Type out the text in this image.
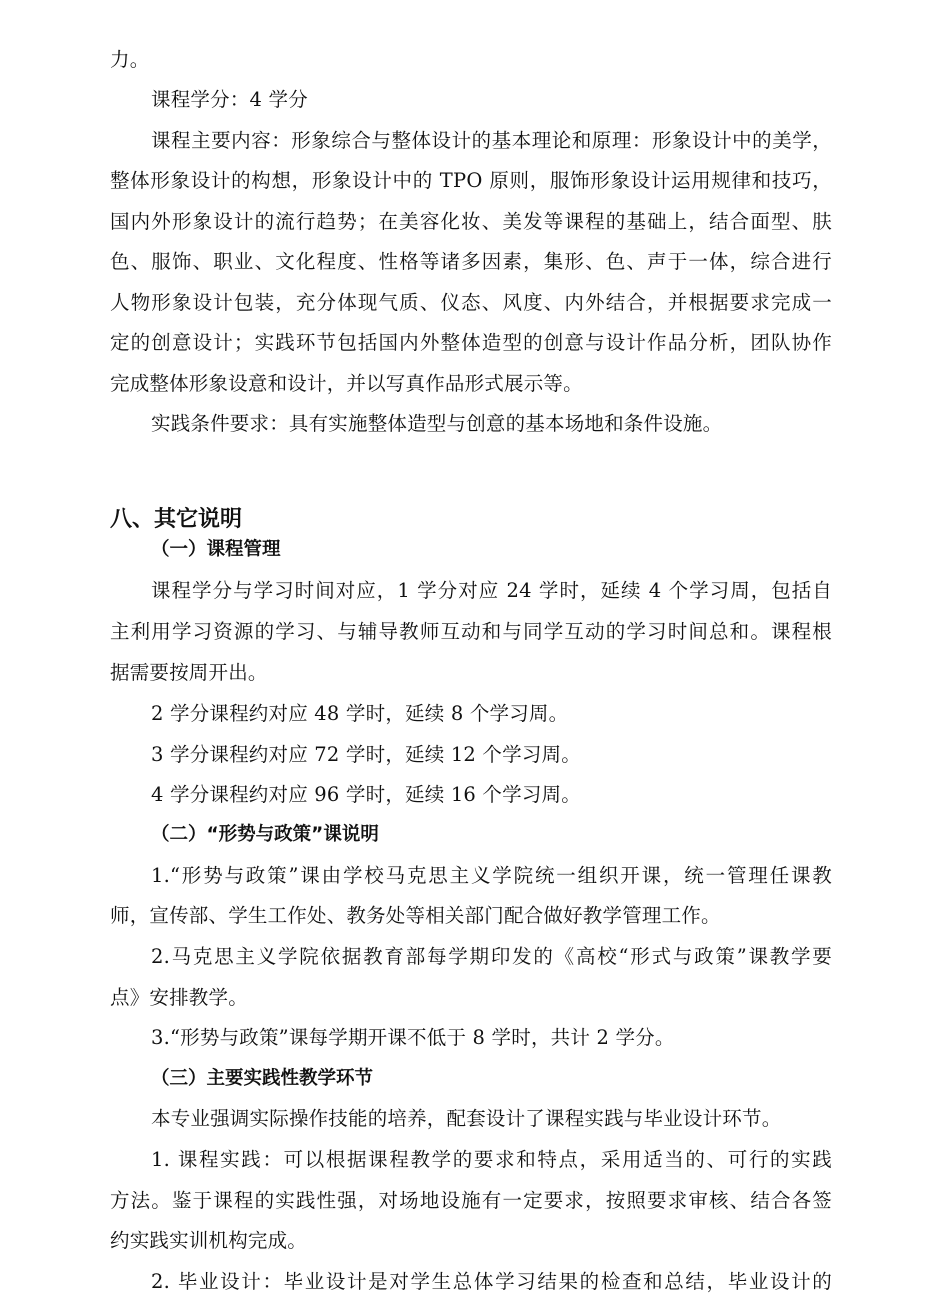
力。
课程学分：4 学分
课程主要内容：形象综合与整体设计的基本理论和原理：形象设计中的美学，
整体形象设计的构想，形象设计中的 TPO 原则，服饰形象设计运用规律和技巧，
国内外形象设计的流行趋势；在美容化妆、美发等课程的基础上，结合面型、肤
色、服饰、职业、文化程度、性格等诸多因素，集形、色、声于一体，综合进行
人物形象设计包装，充分体现气质、仪态、风度、内外结合，并根据要求完成一
定的创意设计；实践环节包括国内外整体造型的创意与设计作品分析，团队协作
完成整体形象设意和设计，并以写真作品形式展示等。
实践条件要求：具有实施整体造型与创意的基本场地和条件设施。
八、其它说明
（一）课程管理
课程学分与学习时间对应，1 学分对应 24 学时，延续 4 个学习周，包括自
主利用学习资源的学习、与辅导教师互动和与同学互动的学习时间总和。课程根
据需要按周开出。
2 学分课程约对应 48 学时，延续 8 个学习周。
3 学分课程约对应 72 学时，延续 12 个学习周。
4 学分课程约对应 96 学时，延续 16 个学习周。
（二）“形势与政策”课说明
1.“形势与政策”课由学校马克思主义学院统一组织开课，统一管理任课教
师，宣传部、学生工作处、教务处等相关部门配合做好教学管理工作。
2.马克思主义学院依据教育部每学期印发的《高校“形式与政策”课教学要
点》安排教学。
3.“形势与政策”课每学期开课不低于 8 学时，共计 2 学分。
（三）主要实践性教学环节
本专业强调实际操作技能的培养，配套设计了课程实践与毕业设计环节。
1. 课程实践：可以根据课程教学的要求和特点，采用适当的、可行的实践
方法。鉴于课程的实践性强，对场地设施有一定要求，按照要求审核、结合各签
约实践实训机构完成。
2. 毕业设计：毕业设计是对学生总体学习结果的检查和总结，毕业设计的
